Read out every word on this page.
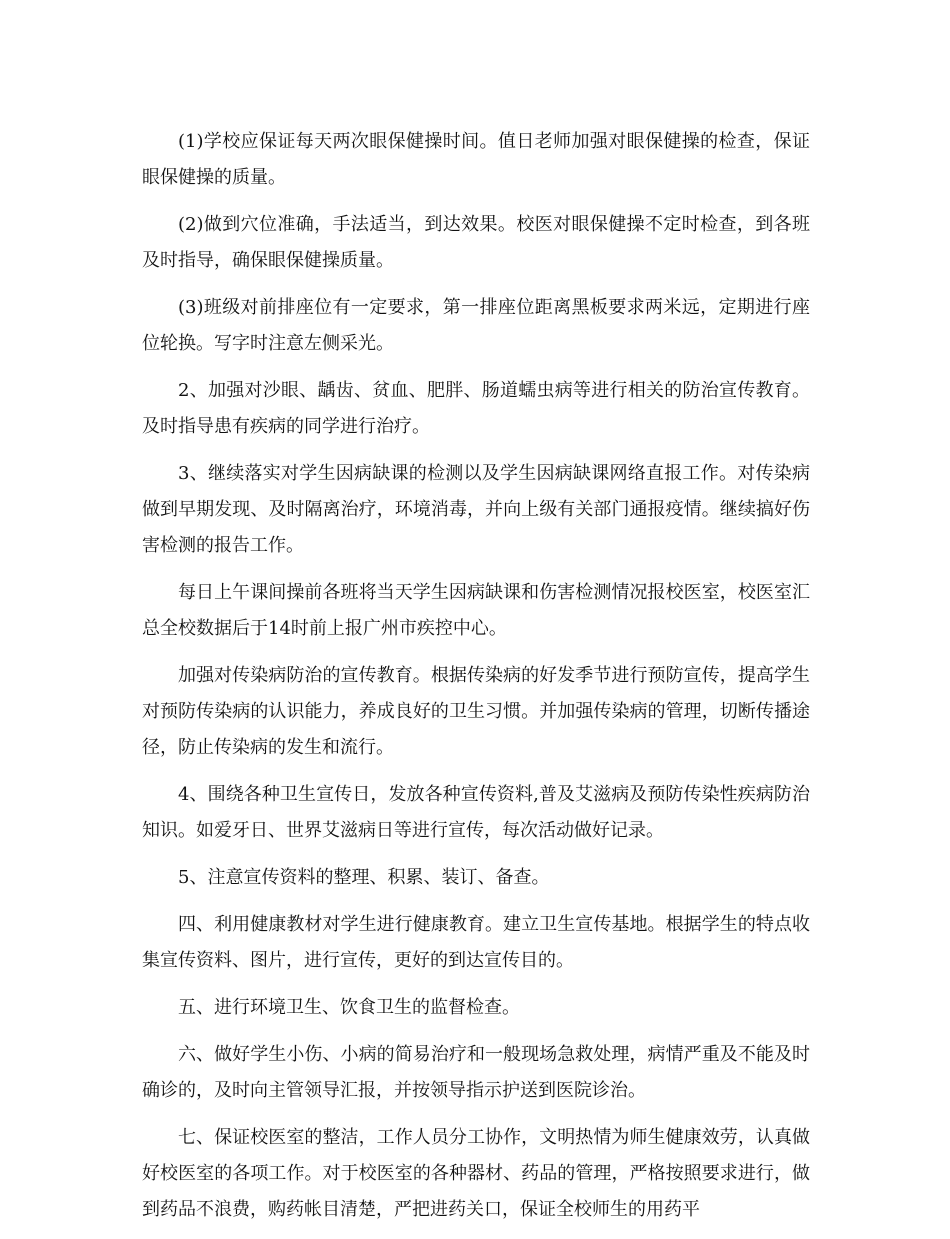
(1)学校应保证每天两次眼保健操时间。值日老师加强对眼保健操的检查，保证眼保健操的质量。

(2)做到穴位准确，手法适当，到达效果。校医对眼保健操不定时检查，到各班及时指导，确保眼保健操质量。

(3)班级对前排座位有一定要求，第一排座位距离黑板要求两米远，定期进行座位轮换。写字时注意左侧采光。

2、加强对沙眼、龋齿、贫血、肥胖、肠道蠕虫病等进行相关的防治宣传教育。及时指导患有疾病的同学进行治疗。

3、继续落实对学生因病缺课的检测以及学生因病缺课网络直报工作。对传染病做到早期发现、及时隔离治疗，环境消毒，并向上级有关部门通报疫情。继续搞好伤害检测的报告工作。

每日上午课间操前各班将当天学生因病缺课和伤害检测情况报校医室，校医室汇总全校数据后于14时前上报广州市疾控中心。

加强对传染病防治的宣传教育。根据传染病的好发季节进行预防宣传，提高学生对预防传染病的认识能力，养成良好的卫生习惯。并加强传染病的管理，切断传播途径，防止传染病的发生和流行。

4、围绕各种卫生宣传日，发放各种宣传资料,普及艾滋病及预防传染性疾病防治知识。如爱牙日、世界艾滋病日等进行宣传，每次活动做好记录。

5、注意宣传资料的整理、积累、装订、备查。

四、利用健康教材对学生进行健康教育。建立卫生宣传基地。根据学生的特点收集宣传资料、图片，进行宣传，更好的到达宣传目的。

五、进行环境卫生、饮食卫生的监督检查。

六、做好学生小伤、小病的简易治疗和一般现场急救处理，病情严重及不能及时确诊的，及时向主管领导汇报，并按领导指示护送到医院诊治。

七、保证校医室的整洁，工作人员分工协作，文明热情为师生健康效劳，认真做好校医室的各项工作。对于校医室的各种器材、药品的管理，严格按照要求进行，做到药品不浪费，购药帐目清楚，严把进药关口，保证全校师生的用药平
